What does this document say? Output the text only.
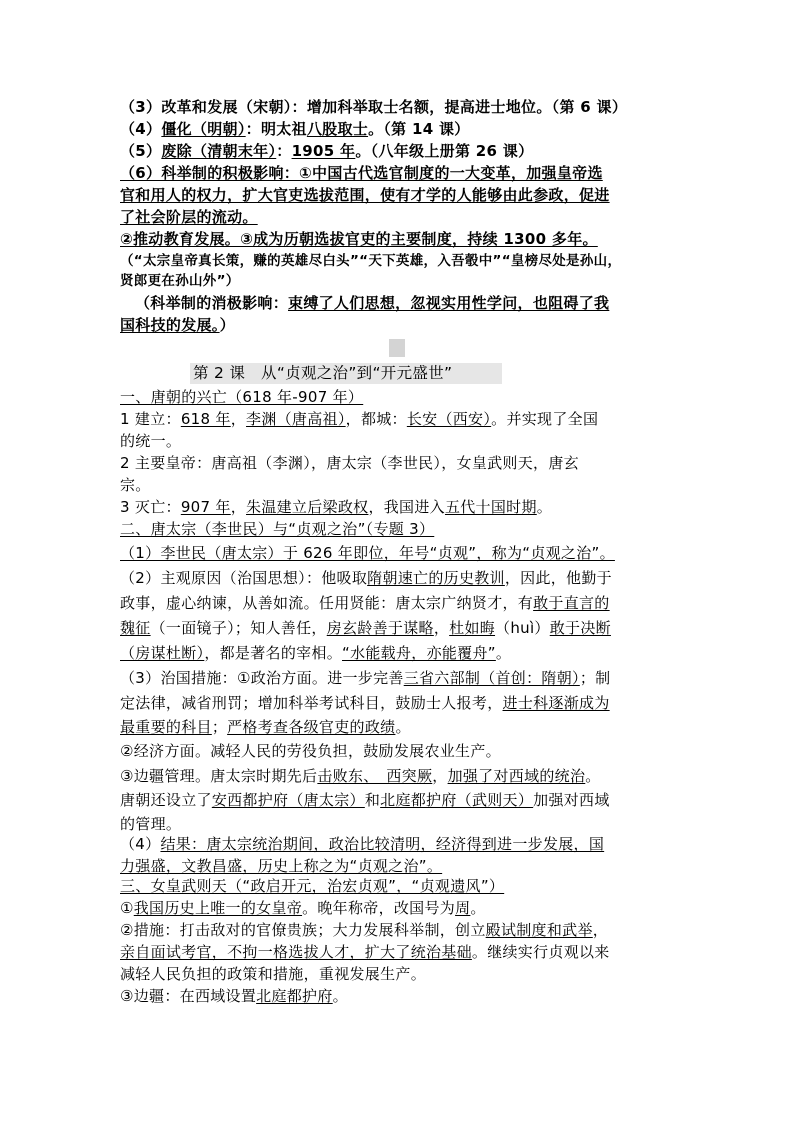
（3）改革和发展（宋朝）：增加科举取士名额，提高进士地位。（第 6 课）
（4）僵化（明朝）：明太祖八股取士。（第 14 课）
（5）废除（清朝末年）：1905 年。（八年级上册第 26 课）
（6）科举制的积极影响：①中国古代选官制度的一大变革，加强皇帝选
官和用人的权力，扩大官吏选拔范围，使有才学的人能够由此参政，促进
了社会阶层的流动。
②推动教育发展。③成为历朝选拔官吏的主要制度，持续 1300 多年。
（“太宗皇帝真长策，赚的英雄尽白头”“天下英雄，入吾彀中”“皇榜尽处是孙山，
贤郎更在孙山外”）
（科举制的消极影响：束缚了人们思想，忽视实用性学问，也阻碍了我
国科技的发展。）
第 2 课　从“贞观之治”到“开元盛世”
一、唐朝的兴亡（618 年-907 年）
1 建立：618 年，李渊（唐高祖），都城：长安（西安）。并实现了全国
的统一。
2 主要皇帝：唐高祖（李渊），唐太宗（李世民），女皇武则天，唐玄
宗。
3 灭亡：907 年，朱温建立后梁政权，我国进入五代十国时期。
二、唐太宗（李世民）与“贞观之治”（专题 3）
（1）李世民（唐太宗）于 626 年即位，年号“贞观”，称为“贞观之治”。
（2）主观原因（治国思想）：他吸取隋朝速亡的历史教训，因此，他勤于
政事，虚心纳谏，从善如流。任用贤能：唐太宗广纳贤才，有敢于直言的
魏征（一面镜子）；知人善任，房玄龄善于谋略，杜如晦（huì）敢于决断
（房谋杜断），都是著名的宰相。“水能载舟，亦能覆舟”。
（3）治国措施：①政治方面。进一步完善三省六部制（首创：隋朝）；制
定法律，减省刑罚；增加科举考试科目，鼓励士人报考，进士科逐渐成为
最重要的科目；严格考查各级官吏的政绩。
②经济方面。减轻人民的劳役负担，鼓励发展农业生产。
③边疆管理。唐太宗时期先后击败东、　西突厥，加强了对西域的统治。
唐朝还设立了安西都护府（唐太宗）和北庭都护府（武则天）加强对西域
的管理。
（4）结果：唐太宗统治期间，政治比较清明，经济得到进一步发展，国
力强盛，文教昌盛，历史上称之为“贞观之治”。
三、女皇武则天（“政启开元，治宏贞观”，“贞观遗风”）
①我国历史上唯一的女皇帝。晚年称帝，改国号为周。
②措施：打击敌对的官僚贵族；大力发展科举制，创立殿试制度和武举，
亲自面试考官，不拘一格选拔人才，扩大了统治基础。继续实行贞观以来
减轻人民负担的政策和措施，重视发展生产。
③边疆：在西域设置北庭都护府。
